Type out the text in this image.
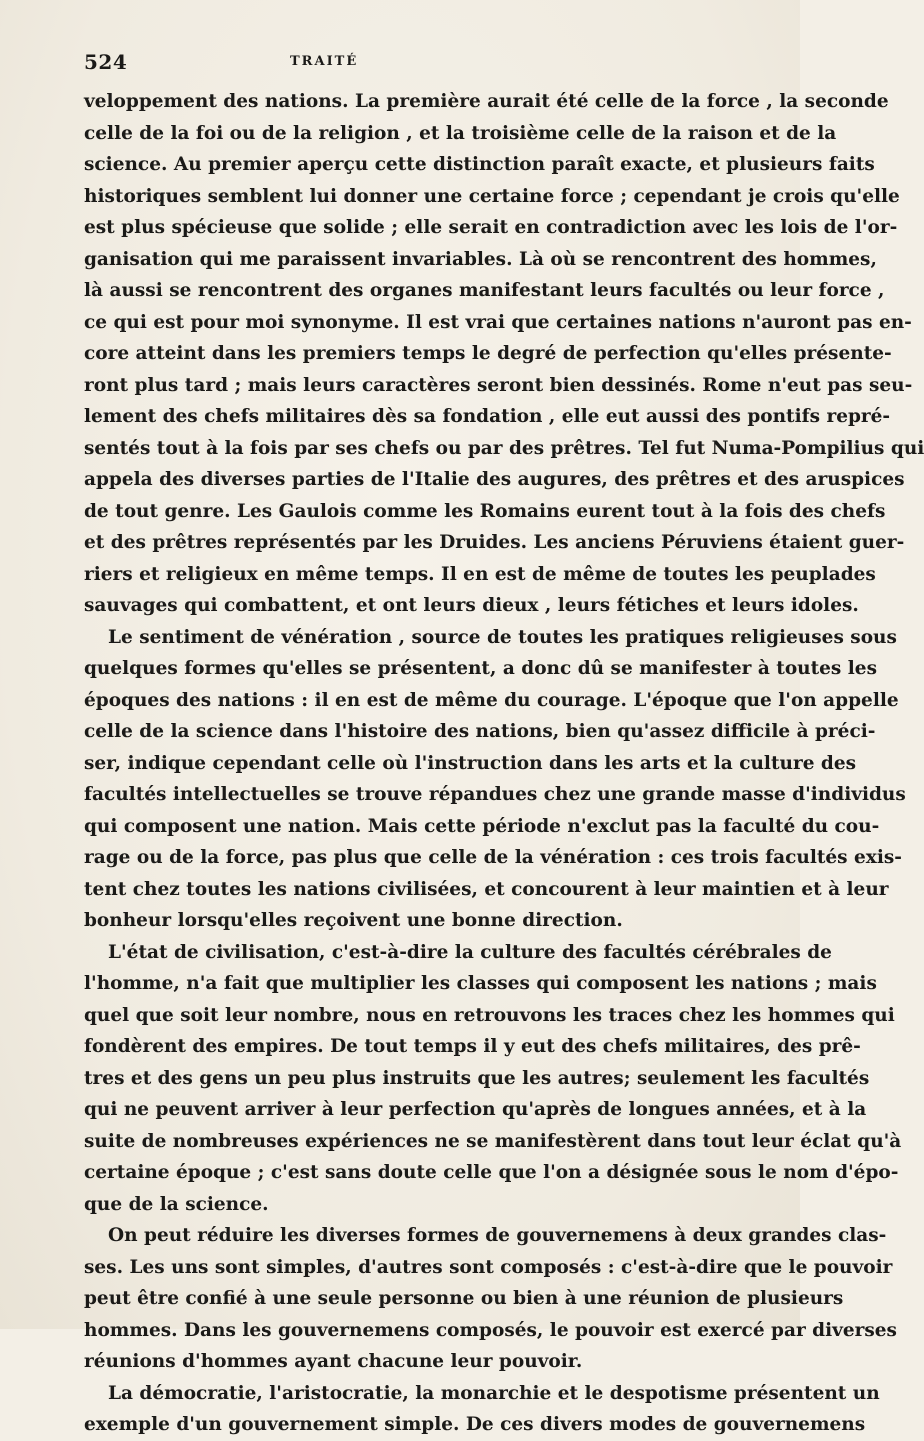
524	TRAITÉ
veloppement des nations. La première aurait été celle de la force , la seconde
celle de la foi ou de la religion , et la troisième celle de la raison et de la
science. Au premier aperçu cette distinction paraît exacte, et plusieurs faits
historiques semblent lui donner une certaine force ; cependant je crois qu'elle
est plus spécieuse que solide ; elle serait en contradiction avec les lois de l'or-
ganisation qui me paraissent invariables. Là où se rencontrent des hommes,
là aussi se rencontrent des organes manifestant leurs facultés ou leur force ,
ce qui est pour moi synonyme. Il est vrai que certaines nations n'auront pas en-
core atteint dans les premiers temps le degré de perfection qu'elles présente-
ront plus tard ; mais leurs caractères seront bien dessinés. Rome n'eut pas seu-
lement des chefs militaires dès sa fondation , elle eut aussi des pontifs repré-
sentés tout à la fois par ses chefs ou par des prêtres. Tel fut Numa-Pompilius qui
appela des diverses parties de l'Italie des augures, des prêtres et des aruspices
de tout genre. Les Gaulois comme les Romains eurent tout à la fois des chefs
et des prêtres représentés par les Druides. Les anciens Péruviens étaient guer-
riers et religieux en même temps. Il en est de même de toutes les peuplades
sauvages qui combattent, et ont leurs dieux , leurs fétiches et leurs idoles.
Le sentiment de vénération , source de toutes les pratiques religieuses sous
quelques formes qu'elles se présentent, a donc dû se manifester à toutes les
époques des nations : il en est de même du courage. L'époque que l'on appelle
celle de la science dans l'histoire des nations, bien qu'assez difficile à préci-
ser, indique cependant celle où l'instruction dans les arts et la culture des
facultés intellectuelles se trouve répandues chez une grande masse d'individus
qui composent une nation. Mais cette période n'exclut pas la faculté du cou-
rage ou de la force, pas plus que celle de la vénération : ces trois facultés exis-
tent chez toutes les nations civilisées, et concourent à leur maintien et à leur
bonheur lorsqu'elles reçoivent une bonne direction.
L'état de civilisation, c'est-à-dire la culture des facultés cérébrales de
l'homme, n'a fait que multiplier les classes qui composent les nations ; mais
quel que soit leur nombre, nous en retrouvons les traces chez les hommes qui
fondèrent des empires. De tout temps il y eut des chefs militaires, des prê-
tres et des gens un peu plus instruits que les autres; seulement les facultés
qui ne peuvent arriver à leur perfection qu'après de longues années, et à la
suite de nombreuses expériences ne se manifestèrent dans tout leur éclat qu'à
certaine époque ; c'est sans doute celle que l'on a désignée sous le nom d'épo-
que de la science.
On peut réduire les diverses formes de gouvernemens à deux grandes clas-
ses. Les uns sont simples, d'autres sont composés : c'est-à-dire que le pouvoir
peut être confié à une seule personne ou bien à une réunion de plusieurs
hommes. Dans les gouvernemens composés, le pouvoir est exercé par diverses
réunions d'hommes ayant chacune leur pouvoir.
La démocratie, l'aristocratie, la monarchie et le despotisme présentent un
exemple d'un gouvernement simple. De ces divers modes de gouvernemens
